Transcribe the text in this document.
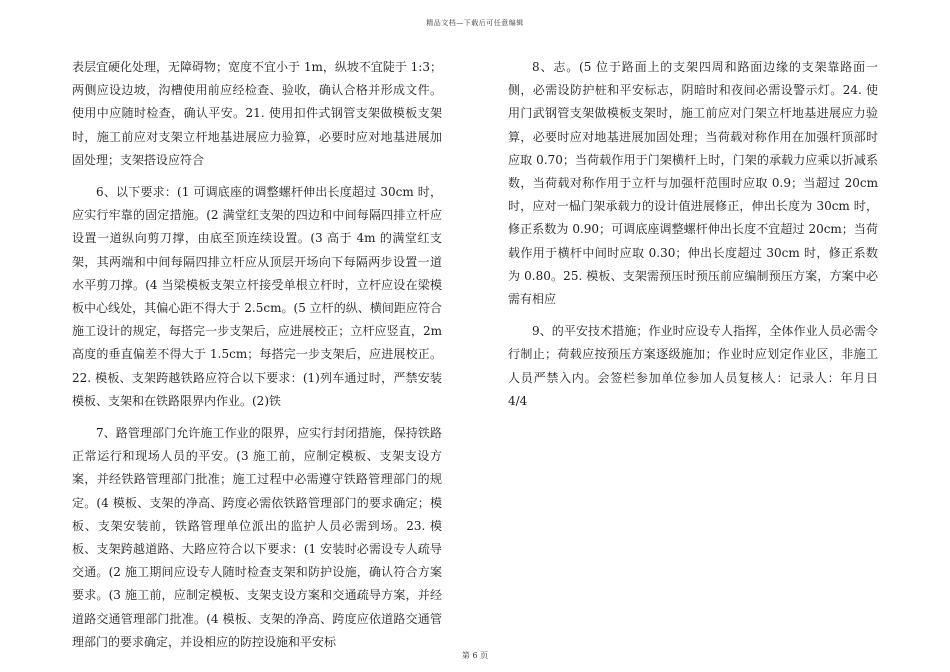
精品文档—下载后可任意编辑

表层宜硬化处理，无障碍物；宽度不宜小于 1m，纵坡不宜陡于 1:3；两侧应设边坡，沟槽使用前应经检查、验收，确认合格并形成文件。使用中应随时检查，确认平安。21. 使用扣件式钢管支架做模板支架时，施工前应对支架立杆地基进展应力验算，必要时应对地基进展加固处理；支架搭设应符合

6、以下要求：(1 可调底座的调整螺杆伸出长度超过 30cm 时，应实行牢靠的固定措施。(2 满堂红支架的四边和中间每隔四排立杆应设置一道纵向剪刀撑，由底至顶连续设置。(3 高于 4m 的满堂红支架，其两端和中间每隔四排立杆应从顶层开场向下每隔两步设置一道水平剪刀撑。(4 当梁模板支架立杆接受单根立杆时，立杆应设在梁模板中心线处，其偏心距不得大于 2.5cm。(5 立杆的纵、横间距应符合施工设计的规定，每搭完一步支架后，应进展校正；立杆应竖直，2m 高度的垂直偏差不得大于 1.5cm；每搭完一步支架后，应进展校正。22. 模板、支架跨越铁路应符合以下要求：(1)列车通过时，严禁安装模板、支架和在铁路限界内作业。(2)铁

7、路管理部门允许施工作业的限界，应实行封闭措施，保持铁路正常运行和现场人员的平安。(3 施工前，应制定模板、支架支设方案，并经铁路管理部门批准；施工过程中必需遵守铁路管理部门的规定。(4 模板、支架的净高、跨度必需依铁路管理部门的要求确定；模板、支架安装前，铁路管理单位派出的监护人员必需到场。23. 模板、支架跨越道路、大路应符合以下要求：(1 安装时必需设专人疏导交通。(2 施工期间应设专人随时检查支架和防护设施，确认符合方案要求。(3 施工前，应制定模板、支架支设方案和交通疏导方案，并经道路交通管理部门批准。(4 模板、支架的净高、跨度应依道路交通管理部门的要求确定，并设相应的防控设施和平安标

8、志。(5 位于路面上的支架四周和路面边缘的支架靠路面一侧，必需设防护桩和平安标志，阴暗时和夜间必需设警示灯。24. 使用门武钢管支架做模板支架时，施工前应对门架立杆地基进展应力验算，必要时应对地基进展加固处理；当荷载对称作用在加强杆顶部时应取 0.70；当荷载作用于门架横杆上时，门架的承载力应乘以折减系数，当荷载对称作用于立杆与加强杆范围时应取 0.9；当超过 20cm 时，应对一榀门架承载力的设计值进展修正，伸出长度为 30cm 时，修正系数为 0.90；可调底座调整螺杆伸出长度不宜超过 20cm；当荷载作用于横杆中间时应取 0.30；伸出长度超过 30cm 时，修正系数为 0.80。25. 模板、支架需预压时预压前应编制预压方案，方案中必需有相应

9、的平安技术措施；作业时应设专人指挥，全体作业人员必需令行制止；荷载应按预压方案逐级施加；作业时应划定作业区，非施工人员严禁入内。会签栏参加单位参加人员复核人：记录人：年月日 4/4

第 6 页
